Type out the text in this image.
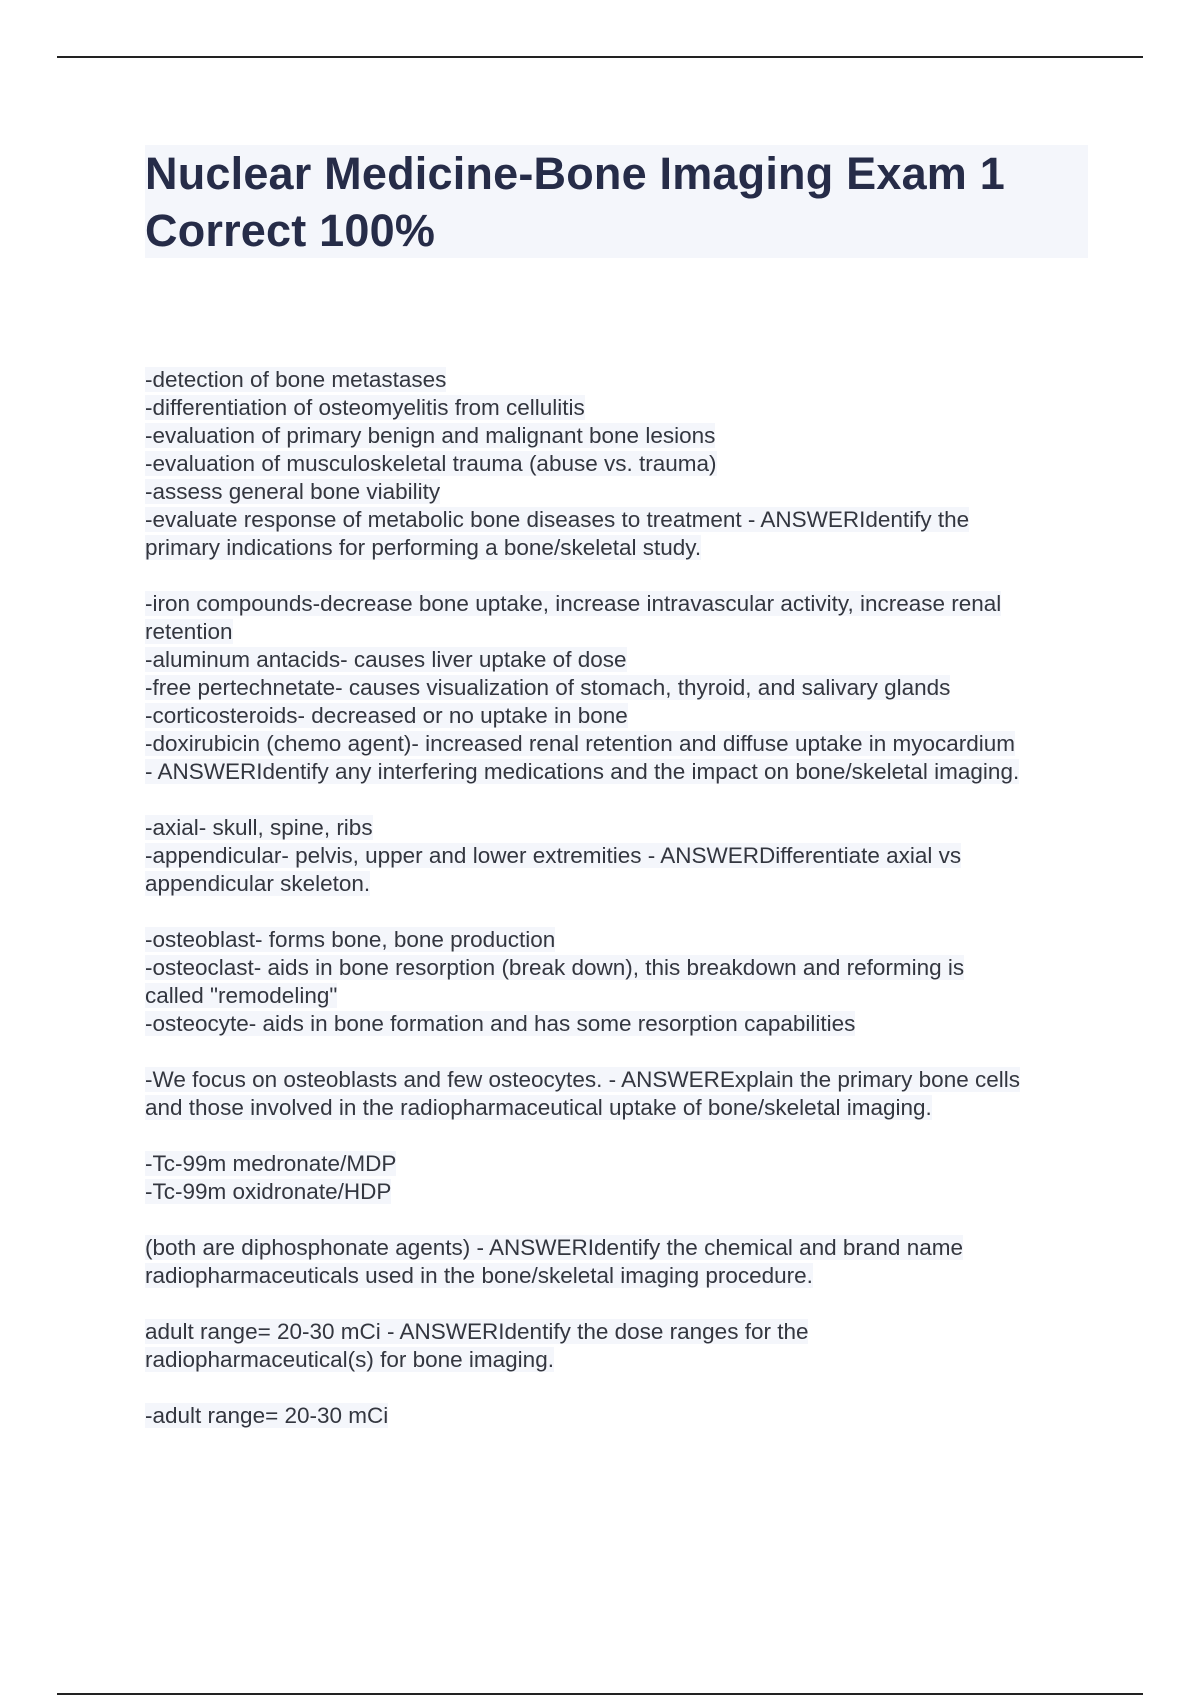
Nuclear Medicine-Bone Imaging Exam 1 Correct 100%
-detection of bone metastases
-differentiation of osteomyelitis from cellulitis
-evaluation of primary benign and malignant bone lesions
-evaluation of musculoskeletal trauma (abuse vs. trauma)
-assess general bone viability
-evaluate response of metabolic bone diseases to treatment - ANSWERIdentify the
primary indications for performing a bone/skeletal study.
-iron compounds-decrease bone uptake, increase intravascular activity, increase renal
retention
-aluminum antacids- causes liver uptake of dose
-free pertechnetate- causes visualization of stomach, thyroid, and salivary glands
-corticosteroids- decreased or no uptake in bone
-doxirubicin (chemo agent)- increased renal retention and diffuse uptake in myocardium
- ANSWERIdentify any interfering medications and the impact on bone/skeletal imaging.
-axial- skull, spine, ribs
-appendicular- pelvis, upper and lower extremities - ANSWERDifferentiate axial vs
appendicular skeleton.
-osteoblast- forms bone, bone production
-osteoclast- aids in bone resorption (break down), this breakdown and reforming is
called "remodeling"
-osteocyte- aids in bone formation and has some resorption capabilities
-We focus on osteoblasts and few osteocytes. - ANSWERExplain the primary bone cells
and those involved in the radiopharmaceutical uptake of bone/skeletal imaging.
-Tc-99m medronate/MDP
-Tc-99m oxidronate/HDP
(both are diphosphonate agents) - ANSWERIdentify the chemical and brand name
radiopharmaceuticals used in the bone/skeletal imaging procedure.
adult range= 20-30 mCi - ANSWERIdentify the dose ranges for the
radiopharmaceutical(s) for bone imaging.
-adult range= 20-30 mCi
